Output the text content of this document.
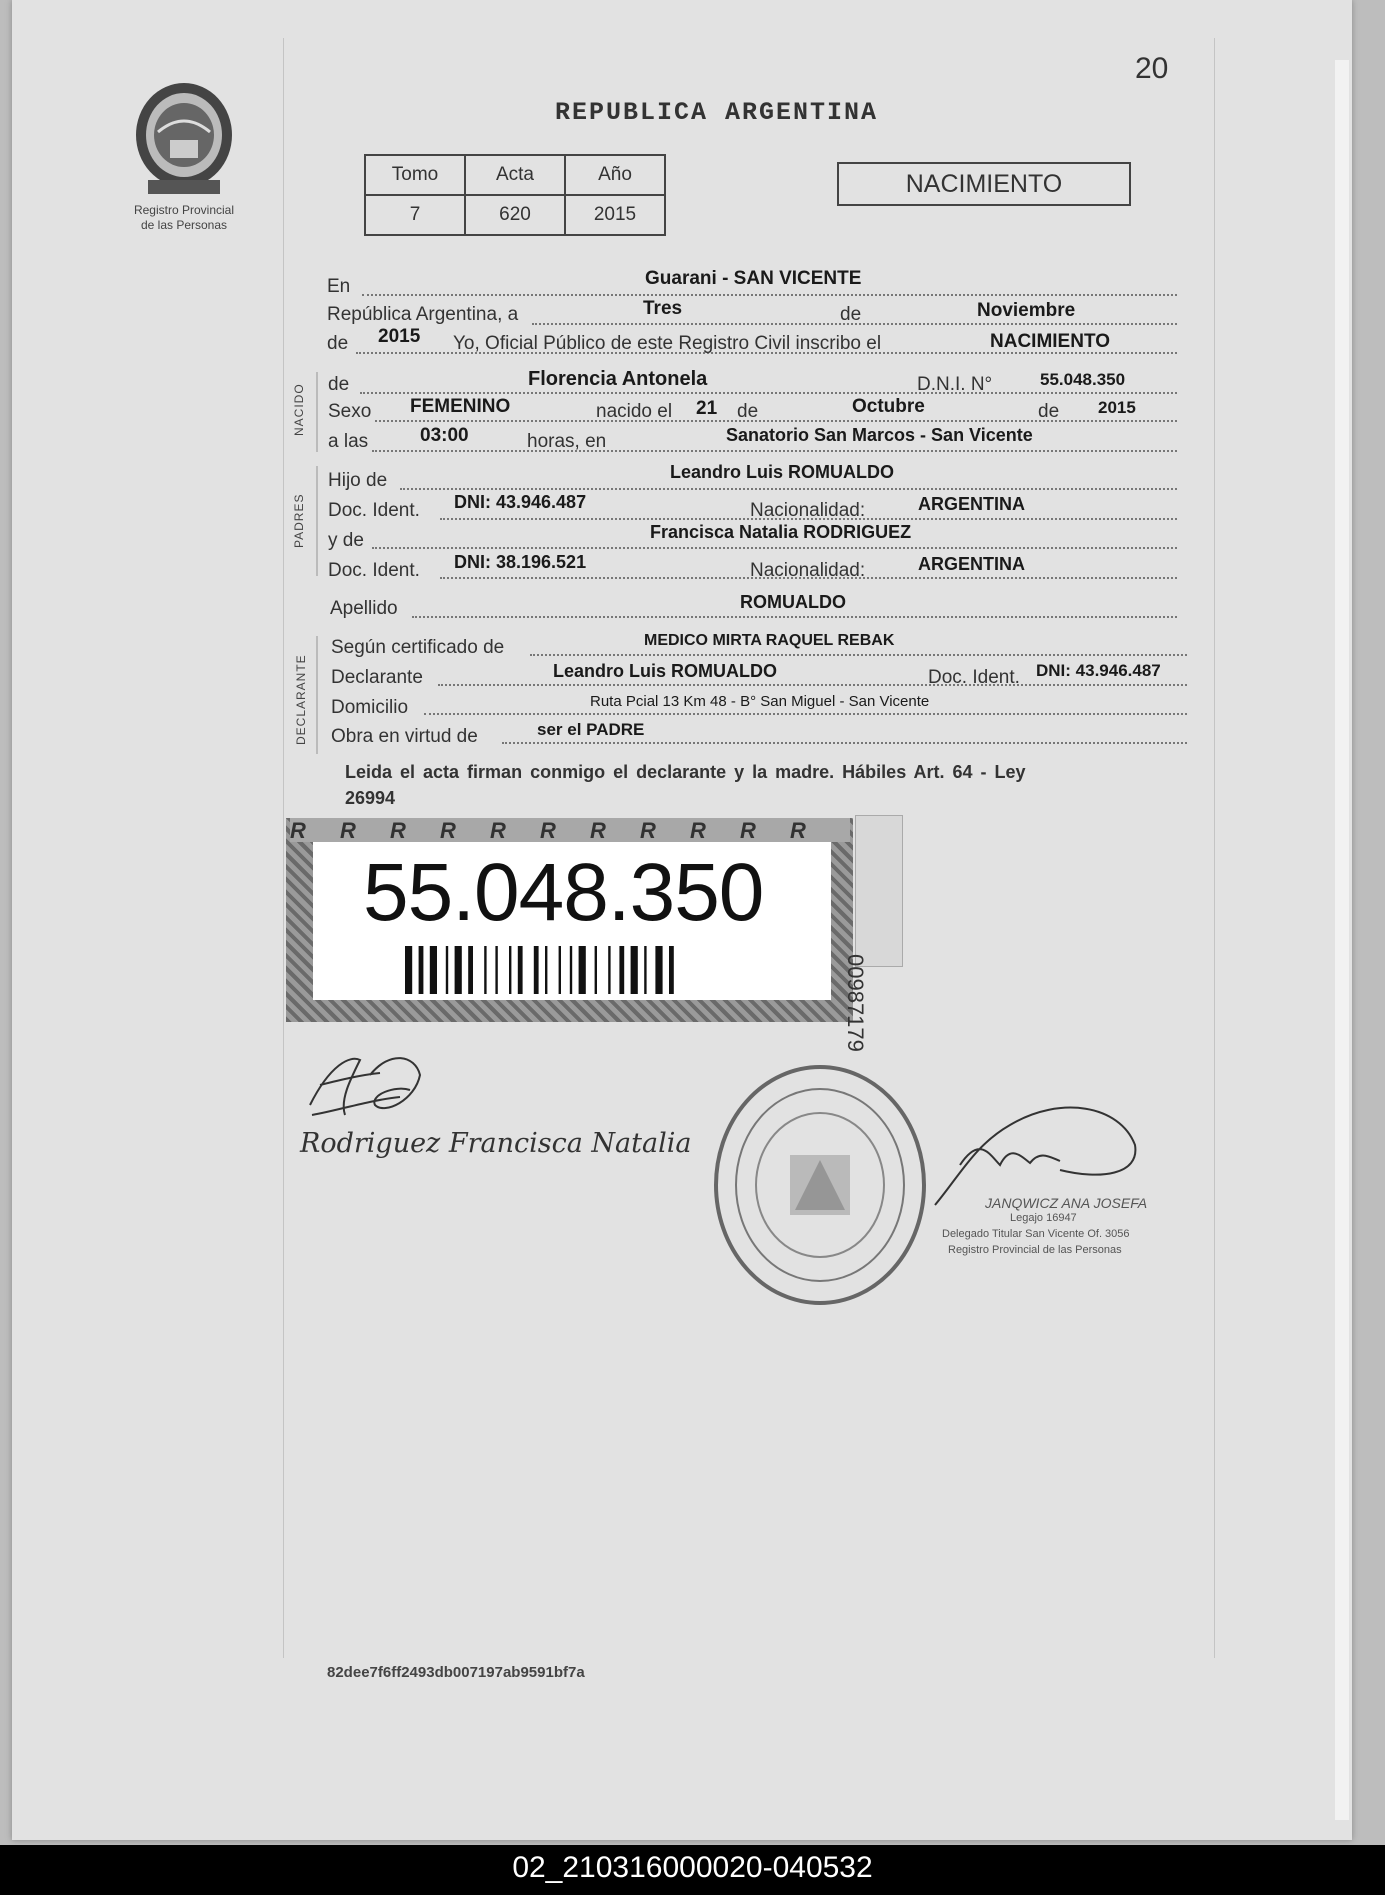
20
Registro Provincial
de las Personas
REPUBLICA ARGENTINA
Tomo	Acta	Año
7	620	2015
NACIMIENTO
En	Guarani - SAN VICENTE
República Argentina, a	Tres	de	Noviembre
de 2015 Yo, Oficial Público de este Registro Civil inscribo el	NACIMIENTO
NACIDO de	Florencia Antonela	D.N.I. N°	55.048.350
Sexo FEMENINO	nacido el 21 de	Octubre	de 2015
a las	03:00	horas, en	Sanatorio San Marcos - San Vicente
PADRES
Hijo de	Leandro Luis ROMUALDO
Doc. Ident. DNI: 43.946.487	Nacionalidad:	ARGENTINA
y de	Francisca Natalia RODRIGUEZ
Doc. Ident. DNI: 38.196.521	Nacionalidad:	ARGENTINA
Apellido	ROMUALDO
DECLARANTE
Según certificado de	MEDICO MIRTA RAQUEL REBAK
Declarante	Leandro Luis ROMUALDO	Doc. Ident. DNI: 43.946.487
Domicilio	Ruta Pcial 13 Km 48 - B° San Miguel - San Vicente
Obra en virtud de	ser el PADRE
Leida el acta firman conmigo el declarante y la madre. Hábiles Art. 64 - Ley
26994
R R R R R R R R R R R
55.048.350
00987179
Rodriguez Francisca Natalia
JANQWICZ ANA JOSEFA
Legajo 16947
Delegado Titular San Vicente Of. 3056
Registro Provincial de las Personas
82dee7f6ff2493db007197ab9591bf7a
02_210316000020-040532
